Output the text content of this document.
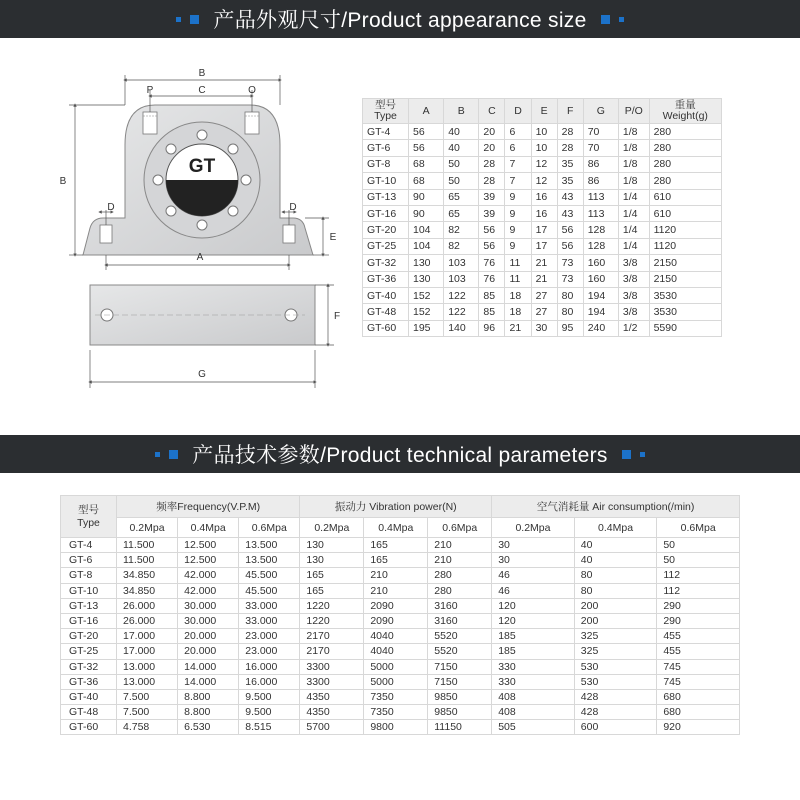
产品外观尺寸/Product appearance size
GT
B
P	C	O
B
D	D
E
A
F
G
型号
Type	A	B	C	D	E	F	G	P/O	重量
Weight(g)
GT-4	56	40	20	6	10	28	70	1/8	280
GT-6	56	40	20	6	10	28	70	1/8	280
GT-8	68	50	28	7	12	35	86	1/8	280
GT-10	68	50	28	7	12	35	86	1/8	280
GT-13	90	65	39	9	16	43	113	1/4	610
GT-16	90	65	39	9	16	43	113	1/4	610
GT-20	104	82	56	9	17	56	128	1/4	1120
GT-25	104	82	56	9	17	56	128	1/4	1120
GT-32	130	103	76	11	21	73	160	3/8	2150
GT-36	130	103	76	11	21	73	160	3/8	2150
GT-40	152	122	85	18	27	80	194	3/8	3530
GT-48	152	122	85	18	27	80	194	3/8	3530
GT-60	195	140	96	21	30	95	240	1/2	5590
产品技术参数/Product technical parameters
型号
Type	频率Frequency(V.P.M)			振动力 Vibration power(N)			空气消耗量 Air consumption(/min)		
	0.2Mpa	0.4Mpa	0.6Mpa	0.2Mpa	0.4Mpa	0.6Mpa	0.2Mpa	0.4Mpa	0.6Mpa
GT-4	11.500	12.500	13.500	130	165	210	30	40	50
GT-6	11.500	12.500	13.500	130	165	210	30	40	50
GT-8	34.850	42.000	45.500	165	210	280	46	80	112
GT-10	34.850	42.000	45.500	165	210	280	46	80	112
GT-13	26.000	30.000	33.000	1220	2090	3160	120	200	290
GT-16	26.000	30.000	33.000	1220	2090	3160	120	200	290
GT-20	17.000	20.000	23.000	2170	4040	5520	185	325	455
GT-25	17.000	20.000	23.000	2170	4040	5520	185	325	455
GT-32	13.000	14.000	16.000	3300	5000	7150	330	530	745
GT-36	13.000	14.000	16.000	3300	5000	7150	330	530	745
GT-40	7.500	8.800	9.500	4350	7350	9850	408	428	680
GT-48	7.500	8.800	9.500	4350	7350	9850	408	428	680
GT-60	4.758	6.530	8.515	5700	9800	11150	505	600	920
